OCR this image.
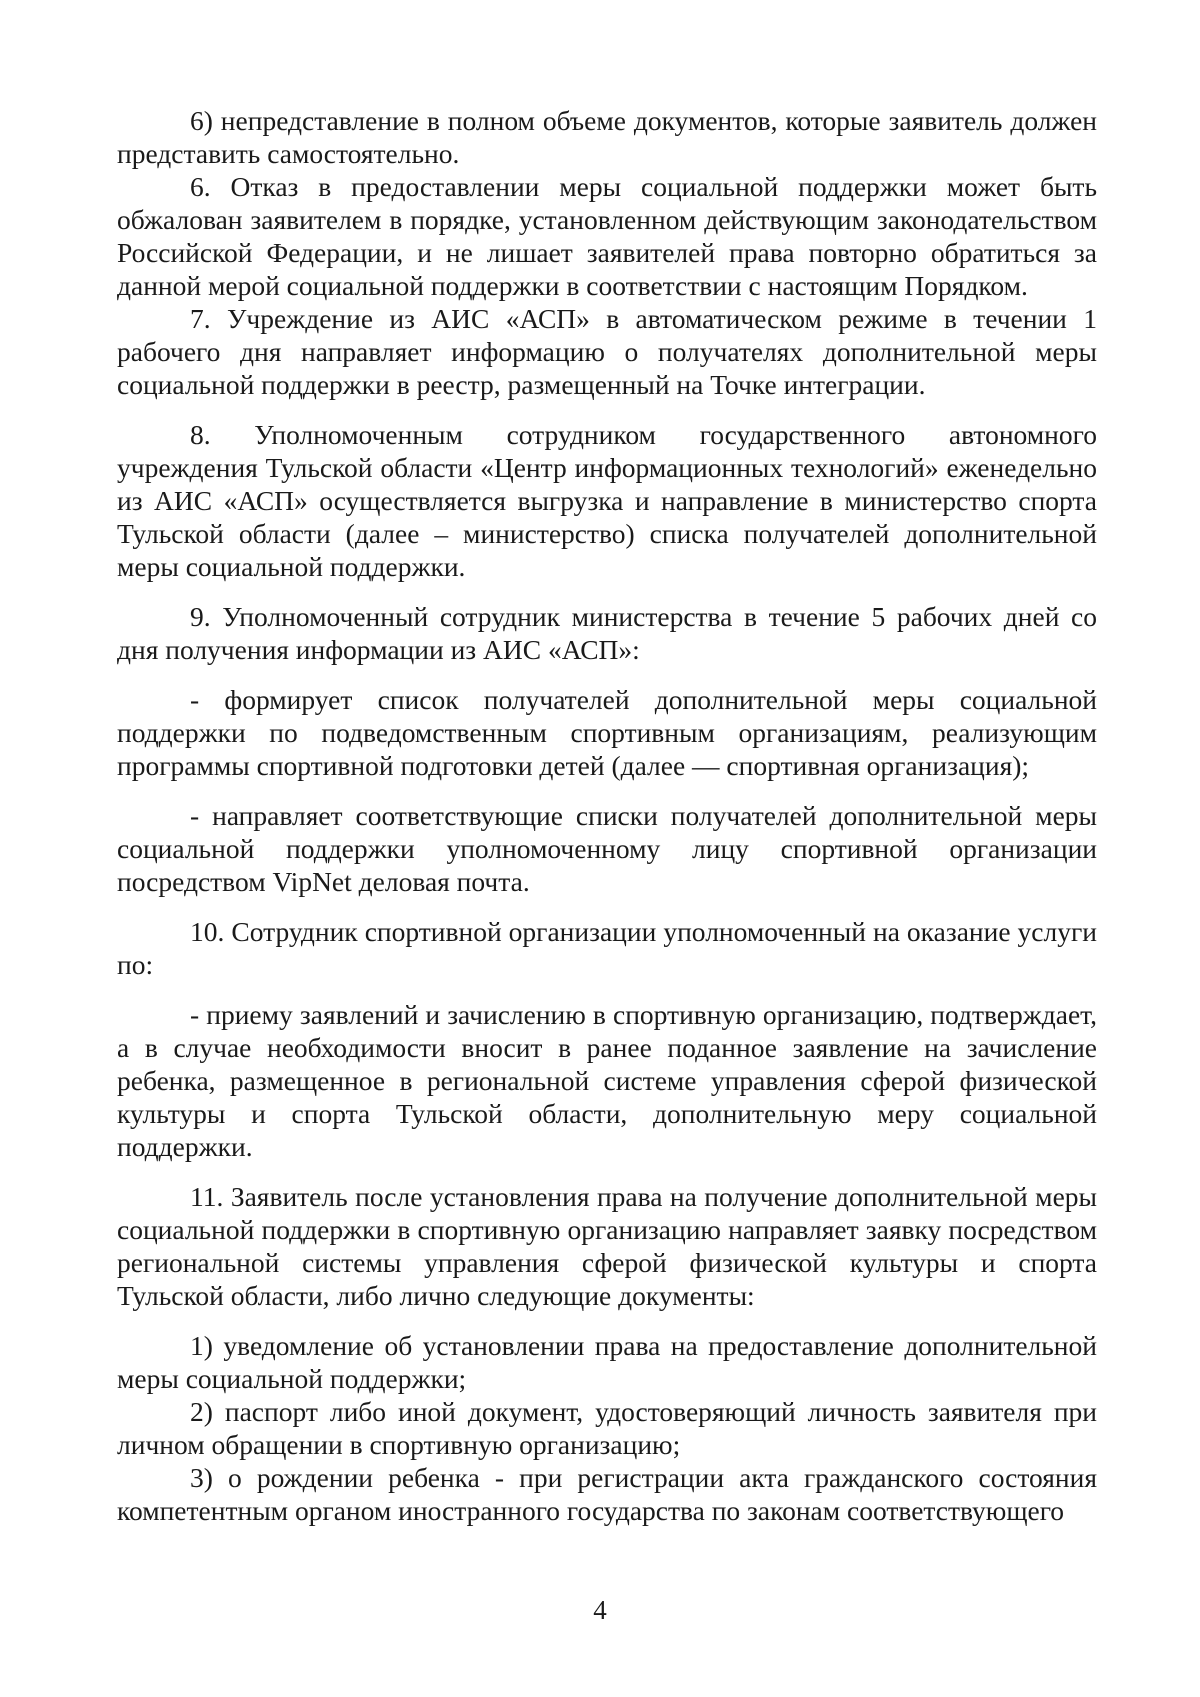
6) непредставление в полном объеме документов, которые заявитель должен представить самостоятельно.

6. Отказ в предоставлении меры социальной поддержки может быть обжалован заявителем в порядке, установленном действующим законодательством Российской Федерации, и не лишает заявителей права повторно обратиться за данной мерой социальной поддержки в соответствии с настоящим Порядком.

7. Учреждение из АИС «АСП» в автоматическом режиме в течении 1 рабочего дня направляет информацию о получателях дополнительной меры социальной поддержки в реестр, размещенный на Точке интеграции.

8. Уполномоченным сотрудником государственного автономного учреждения Тульской области «Центр информационных технологий» еженедельно из АИС «АСП» осуществляется выгрузка и направление в министерство спорта Тульской области (далее – министерство) списка получателей дополнительной меры социальной поддержки.

9. Уполномоченный сотрудник министерства в течение 5 рабочих дней со дня получения информации из АИС «АСП»:

- формирует список получателей дополнительной меры социальной поддержки по подведомственным спортивным организациям, реализующим программы спортивной подготовки детей (далее — спортивная организация);

- направляет соответствующие списки получателей дополнительной меры социальной поддержки уполномоченному лицу спортивной организации посредством VipNet деловая почта.

10. Сотрудник спортивной организации уполномоченный на оказание услуги по:

- приему заявлений и зачислению в спортивную организацию, подтверждает, а в случае необходимости вносит в ранее поданное заявление на зачисление ребенка, размещенное в региональной системе управления сферой физической культуры и спорта Тульской области, дополнительную меру социальной поддержки.

11. Заявитель после установления права на получение дополнительной меры социальной поддержки в спортивную организацию направляет заявку посредством региональной системы управления сферой физической культуры и спорта Тульской области, либо лично следующие документы:

1) уведомление об установлении права на предоставление дополнительной меры социальной поддержки;

2) паспорт либо иной документ, удостоверяющий личность заявителя при личном обращении в спортивную организацию;

3) о рождении ребенка - при регистрации акта гражданского состояния компетентным органом иностранного государства по законам соответствующего

4
